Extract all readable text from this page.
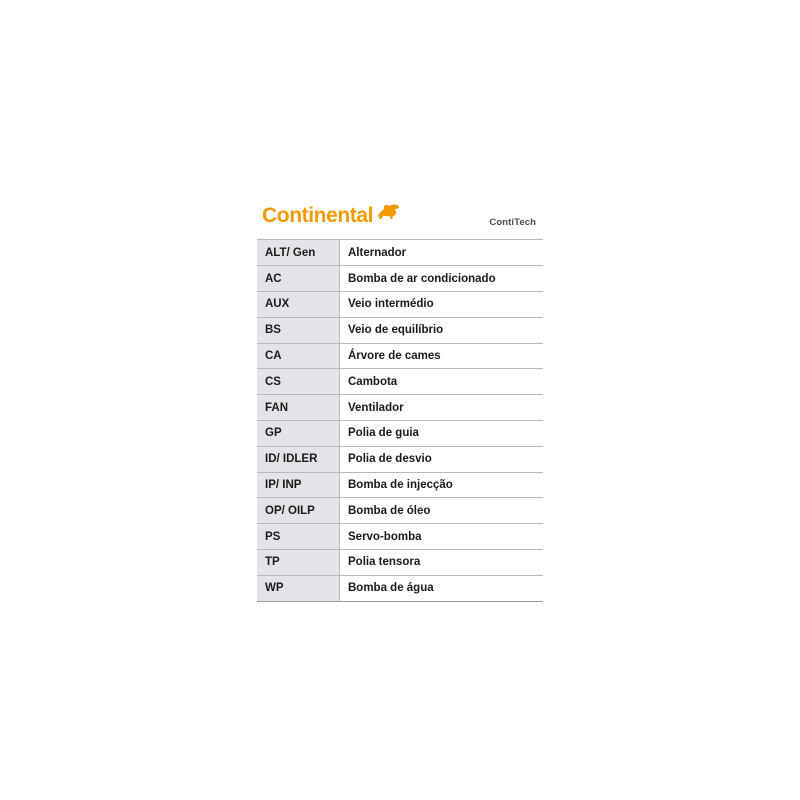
Continental	ContiTech
ALT/ Gen	Alternador
AC	Bomba de ar condicionado
AUX	Veio intermédio
BS	Veio de equilíbrio
CA	Árvore de cames
CS	Cambota
FAN	Ventilador
GP	Polia de guia
ID/ IDLER	Polia de desvio
IP/ INP	Bomba de injecção
OP/ OILP	Bomba de óleo
PS	Servo-bomba
TP	Polia tensora
WP	Bomba de água
